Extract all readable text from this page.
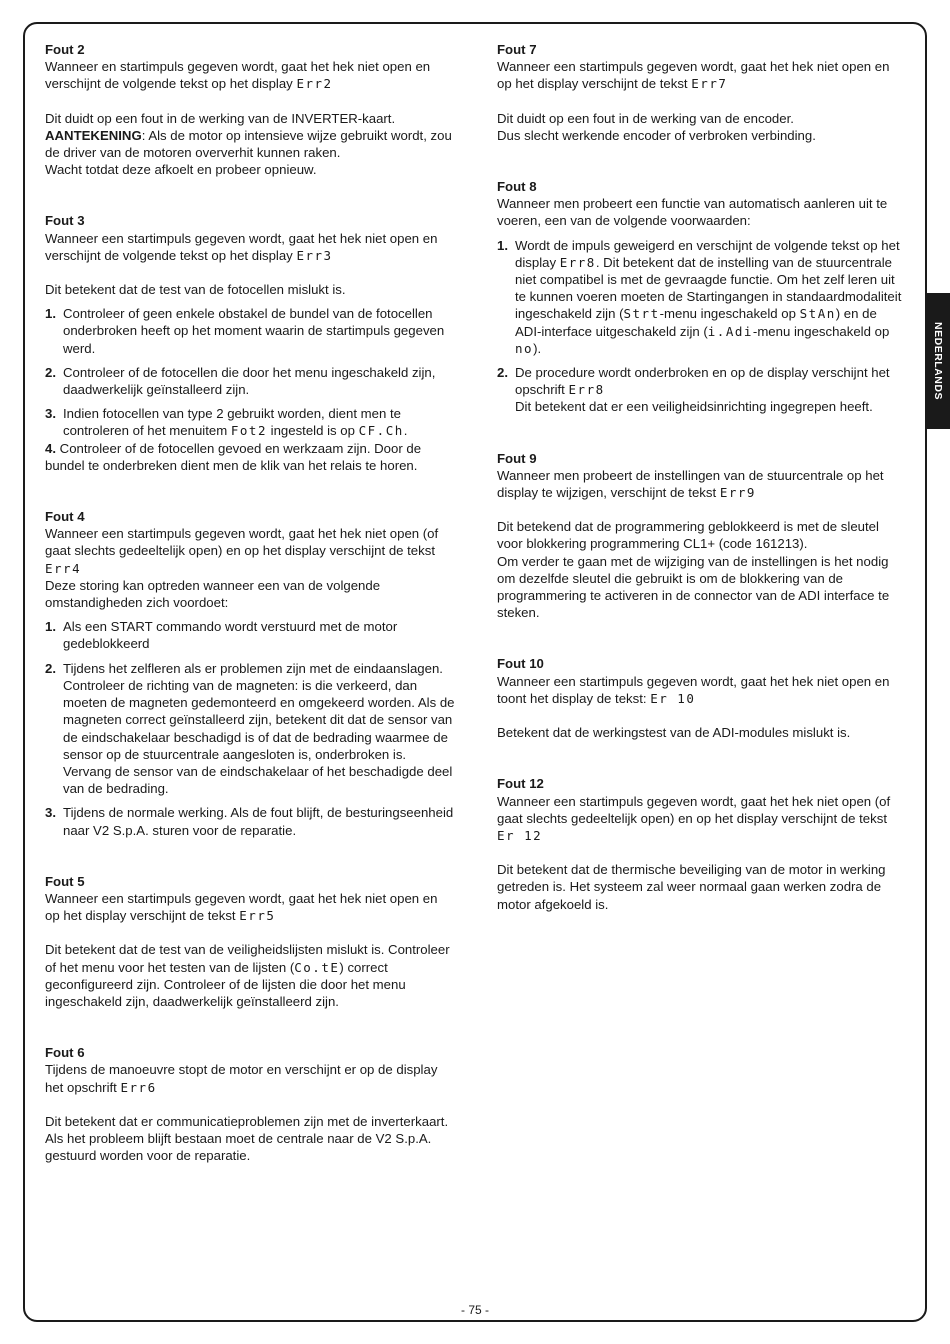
Fout 2

Wanneer en startimpuls gegeven wordt, gaat het hek niet open en verschijnt de volgende tekst op het display Err2

Dit duidt op een fout in de werking van de INVERTER-kaart.

AANTEKENING: Als de motor op intensieve wijze gebruikt wordt, zou de driver van de motoren oververhit kunnen raken.

Wacht totdat deze afkoelt en probeer opnieuw.

Fout 3

Wanneer een startimpuls gegeven wordt, gaat het hek niet open en verschijnt de volgende tekst op het display Err3

Dit betekent dat de test van de fotocellen mislukt is.

1. Controleer of geen enkele obstakel de bundel van de fotocellen onderbroken heeft op het moment waarin de startimpuls gegeven werd.
2. Controleer of de fotocellen die door het menu ingeschakeld zijn, daadwerkelijk geïnstalleerd zijn.
3. Indien fotocellen van type 2 gebruikt worden, dient men te controleren of het menuitem Fot2 ingesteld is op CF.Ch.

4. Controleer of de fotocellen gevoed en werkzaam zijn. Door de bundel te onderbreken dient men de klik van het relais te horen.

Fout 4

Wanneer een startimpuls gegeven wordt, gaat het hek niet open (of gaat slechts gedeeltelijk open) en op het display verschijnt de tekst Err4

Deze storing kan optreden wanneer een van de volgende omstandigheden zich voordoet:

1. Als een START commando wordt verstuurd met de motor gedeblokkeerd
2. Tijdens het zelfleren als er problemen zijn met de eindaanslagen.
Controleer de richting van de magneten: is die verkeerd, dan moeten de magneten gedemonteerd en omgekeerd worden. Als de magneten correct geïnstalleerd zijn, betekent dit dat de sensor van de eindschakelaar beschadigd is of dat de bedrading waarmee de sensor op de stuurcentrale aangesloten is, onderbroken is. Vervang de sensor van de eindschakelaar of het beschadigde deel van de bedrading.
3. Tijdens de normale werking. Als de fout blijft, de besturingseenheid naar V2 S.p.A. sturen voor de reparatie.
Fout 5

Wanneer een startimpuls gegeven wordt, gaat het hek niet open en op het display verschijnt de tekst Err5

Dit betekent dat de test van de veiligheidslijsten mislukt is. Controleer of het menu voor het testen van de lijsten (Co.tE) correct geconfigureerd zijn. Controleer of de lijsten die door het menu ingeschakeld zijn, daadwerkelijk geïnstalleerd zijn.

Fout 6

Tijdens de manoeuvre stopt de motor en verschijnt er op de display het opschrift Err6

Dit betekent dat er communicatieproblemen zijn met de inverterkaart. Als het probleem blijft bestaan moet de centrale naar de V2 S.p.A. gestuurd worden voor de reparatie.

Fout 7

Wanneer een startimpuls gegeven wordt, gaat het hek niet open en op het display verschijnt de tekst Err7

Dit duidt op een fout in de werking van de encoder.

Dus slecht werkende encoder of verbroken verbinding.

Fout 8

Wanneer men probeert een functie van automatisch aanleren uit te voeren, een van de volgende voorwaarden:

1. Wordt de impuls geweigerd en verschijnt de volgende tekst op het display Err8. Dit betekent dat de instelling van de stuurcentrale niet compatibel is met de gevraagde functie. Om het zelf leren uit te kunnen voeren moeten de Startingangen in standaardmodaliteit ingeschakeld zijn (Strt-menu ingeschakeld op StAn) en de ADI-interface uitgeschakeld zijn (i.Adi-menu ingeschakeld op no).
2. De procedure wordt onderbroken en op de display verschijnt het opschrift Err8
Dit betekent dat er een veiligheidsinrichting ingegrepen heeft.
Fout 9

Wanneer men probeert de instellingen van de stuurcentrale op het display te wijzigen, verschijnt de tekst Err9

Dit betekend dat de programmering geblokkeerd is met de sleutel voor blokkering programmering CL1+ (code 161213).

Om verder te gaan met de wijziging van de instellingen is het nodig om dezelfde sleutel die gebruikt is om de blokkering van de programmering te activeren in de connector van de ADI interface te steken.

Fout 10

Wanneer een startimpuls gegeven wordt, gaat het hek niet open en toont het display de tekst: Er 10

Betekent dat de werkingstest van de ADI-modules mislukt is.

Fout 12

Wanneer een startimpuls gegeven wordt, gaat het hek niet open (of gaat slechts gedeeltelijk open) en op het display verschijnt de tekst Er 12

Dit betekent dat de thermische beveiliging van de motor in werking getreden is. Het systeem zal weer normaal gaan werken zodra de motor afgekoeld is.

NEDERLANDS
- 75 -
